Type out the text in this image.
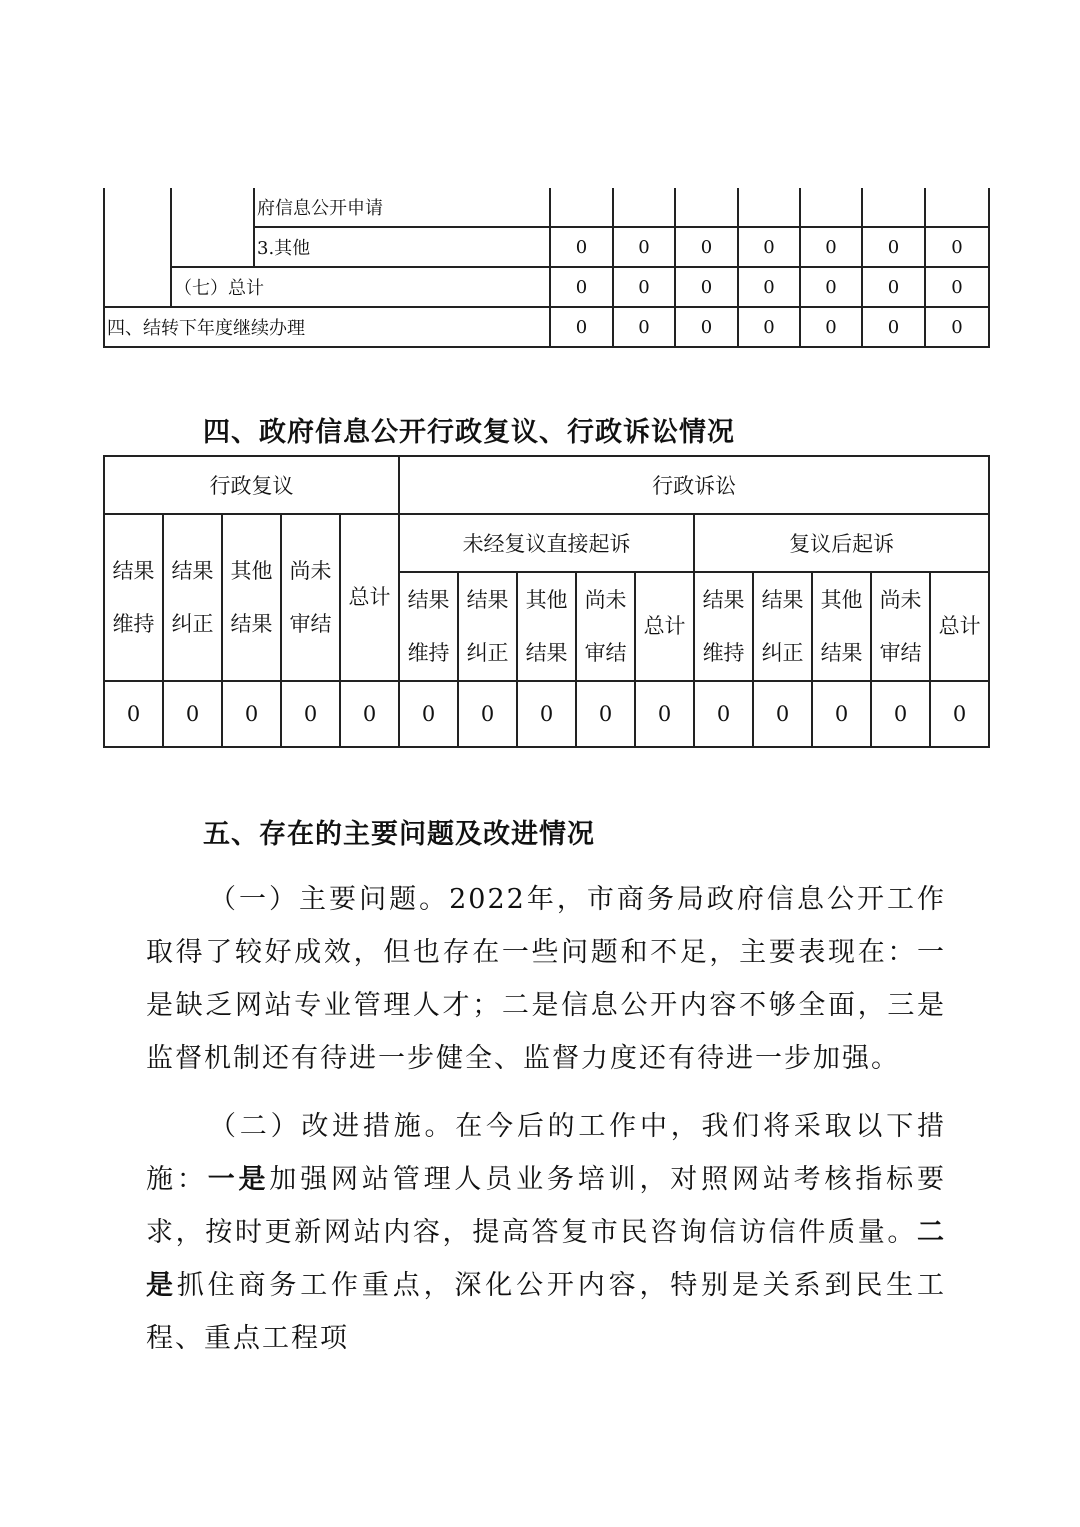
		府信息公开申请							
		3.其他	0	0	0	0	0	0	0
	（七）总计		0	0	0	0	0	0	0
四、结转下年度继续办理			0	0	0	0	0	0	0
四、政府信息公开行政复议、行政诉讼情况
行政复议					行政诉讼									
结果维持	结果纠正	其他结果	尚未审结	总计	未经复议直接起诉					复议后起诉				
					结果维持	结果纠正	其他结果	尚未审结	总计	结果维持	结果纠正	其他结果	尚未审结	总计
0	0	0	0	0	0	0	0	0	0	0	0	0	0	0
五、存在的主要问题及改进情况

（一）主要问题。2022年，市商务局政府信息公开工作取得了较好成效，但也存在一些问题和不足，主要表现在：一是缺乏网站专业管理人才；二是信息公开内容不够全面，三是监督机制还有待进一步健全、监督力度还有待进一步加强。

（二）改进措施。在今后的工作中，我们将采取以下措施：一是加强网站管理人员业务培训，对照网站考核指标要求，按时更新网站内容，提高答复市民咨询信访信件质量。二是抓住商务工作重点，深化公开内容，特别是关系到民生工程、重点工程项
